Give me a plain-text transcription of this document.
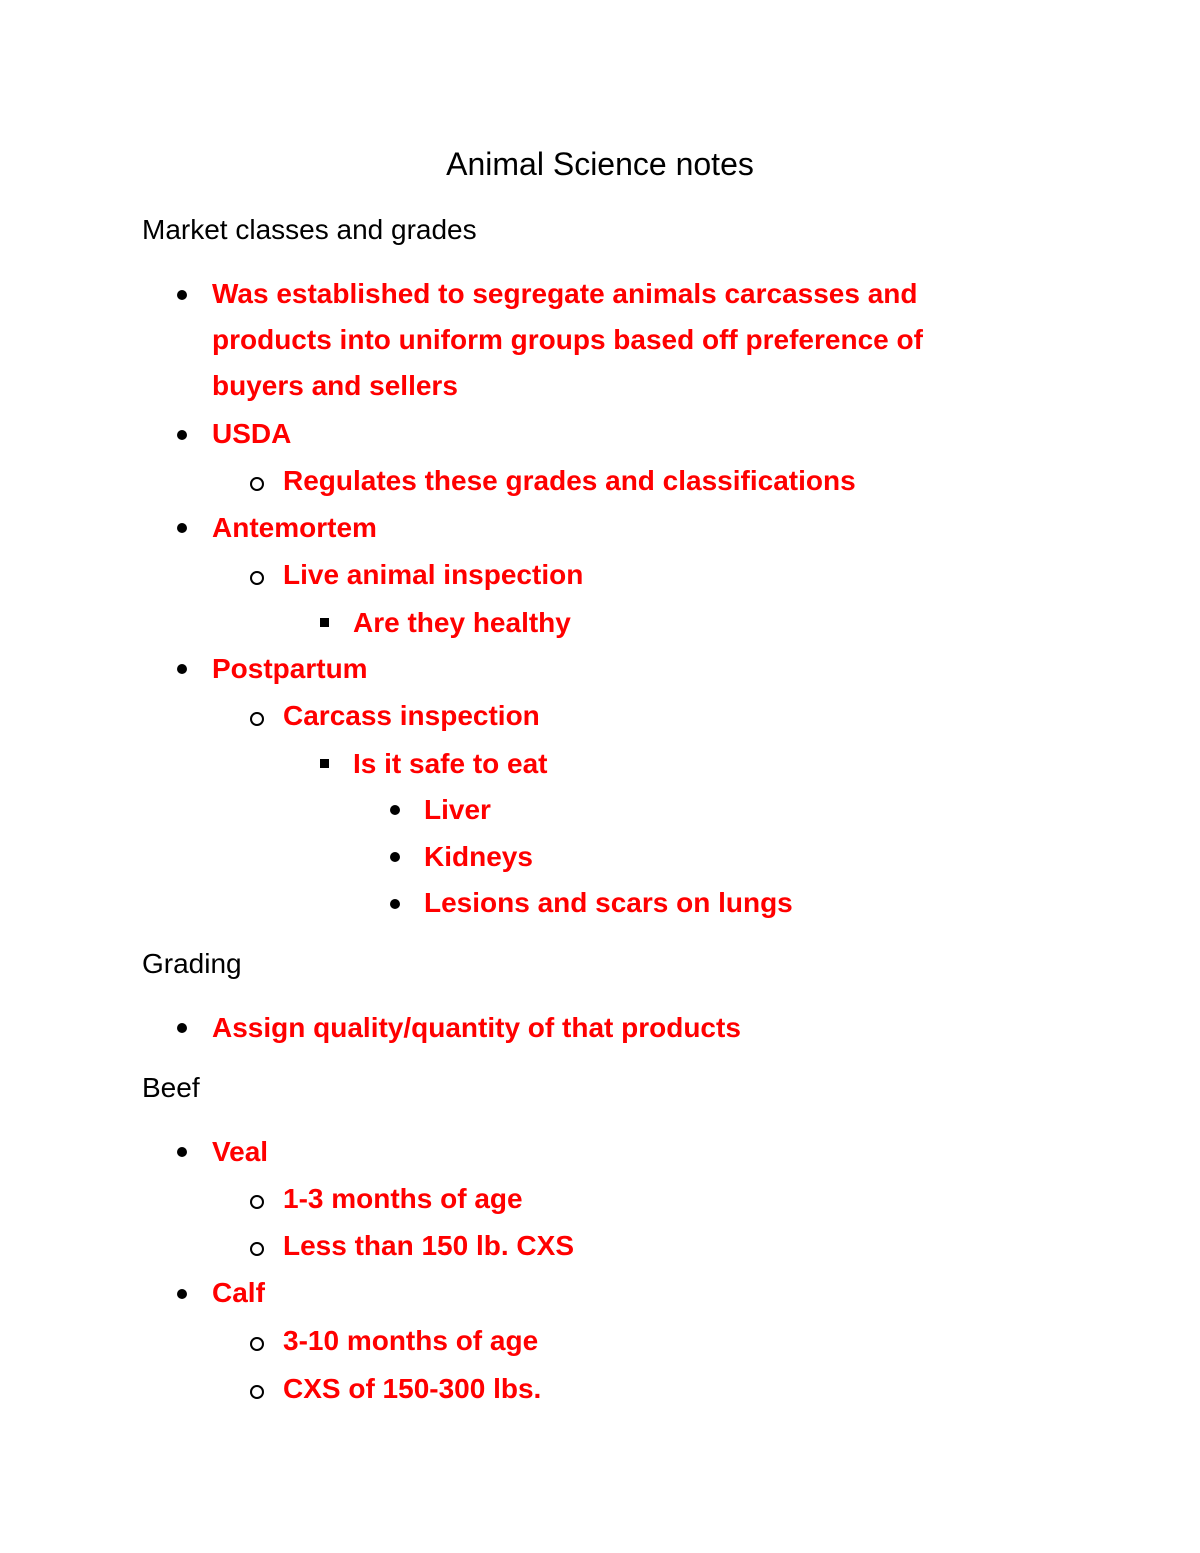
Animal Science notes

Market classes and grades

Was established to segregate animals carcasses and

products into uniform groups based off preference of

buyers and sellers

USDA

Regulates these grades and classifications

Antemortem

Live animal inspection

Are they healthy

Postpartum

Carcass inspection

Is it safe to eat

Liver

Kidneys

Lesions and scars on lungs

Grading

Assign quality/quantity of that products

Beef

Veal

1-3 months of age

Less than 150 lb. CXS

Calf

3-10 months of age

CXS of 150-300 lbs.
